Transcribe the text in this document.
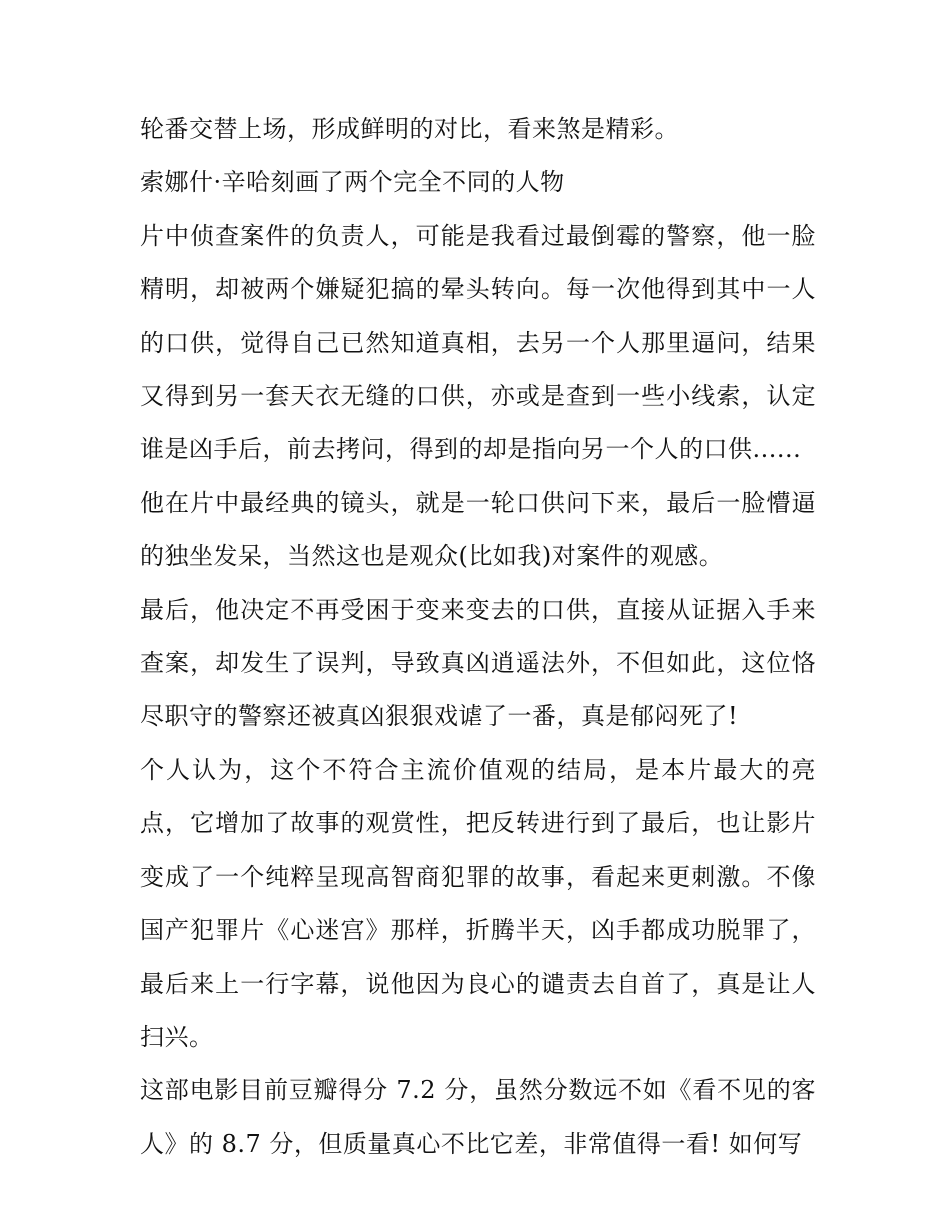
轮番交替上场，形成鲜明的对比，看来煞是精彩。

索娜什·辛哈刻画了两个完全不同的人物

片中侦查案件的负责人，可能是我看过最倒霉的警察，他一脸精明，却被两个嫌疑犯搞的晕头转向。每一次他得到其中一人的口供，觉得自己已然知道真相，去另一个人那里逼问，结果又得到另一套天衣无缝的口供，亦或是查到一些小线索，认定谁是凶手后，前去拷问，得到的却是指向另一个人的口供......

他在片中最经典的镜头，就是一轮口供问下来，最后一脸懵逼的独坐发呆，当然这也是观众(比如我)对案件的观感。

最后，他决定不再受困于变来变去的口供，直接从证据入手来查案，却发生了误判，导致真凶逍遥法外，不但如此，这位恪尽职守的警察还被真凶狠狠戏谑了一番，真是郁闷死了!

个人认为，这个不符合主流价值观的结局，是本片最大的亮点，它增加了故事的观赏性，把反转进行到了最后，也让影片变成了一个纯粹呈现高智商犯罪的故事，看起来更刺激。不像国产犯罪片《心迷宫》那样，折腾半天，凶手都成功脱罪了，最后来上一行字幕，说他因为良心的谴责去自首了，真是让人扫兴。

这部电影目前豆瓣得分 7.2 分，虽然分数远不如《看不见的客人》的 8.7 分，但质量真心不比它差，非常值得一看! 如何写
